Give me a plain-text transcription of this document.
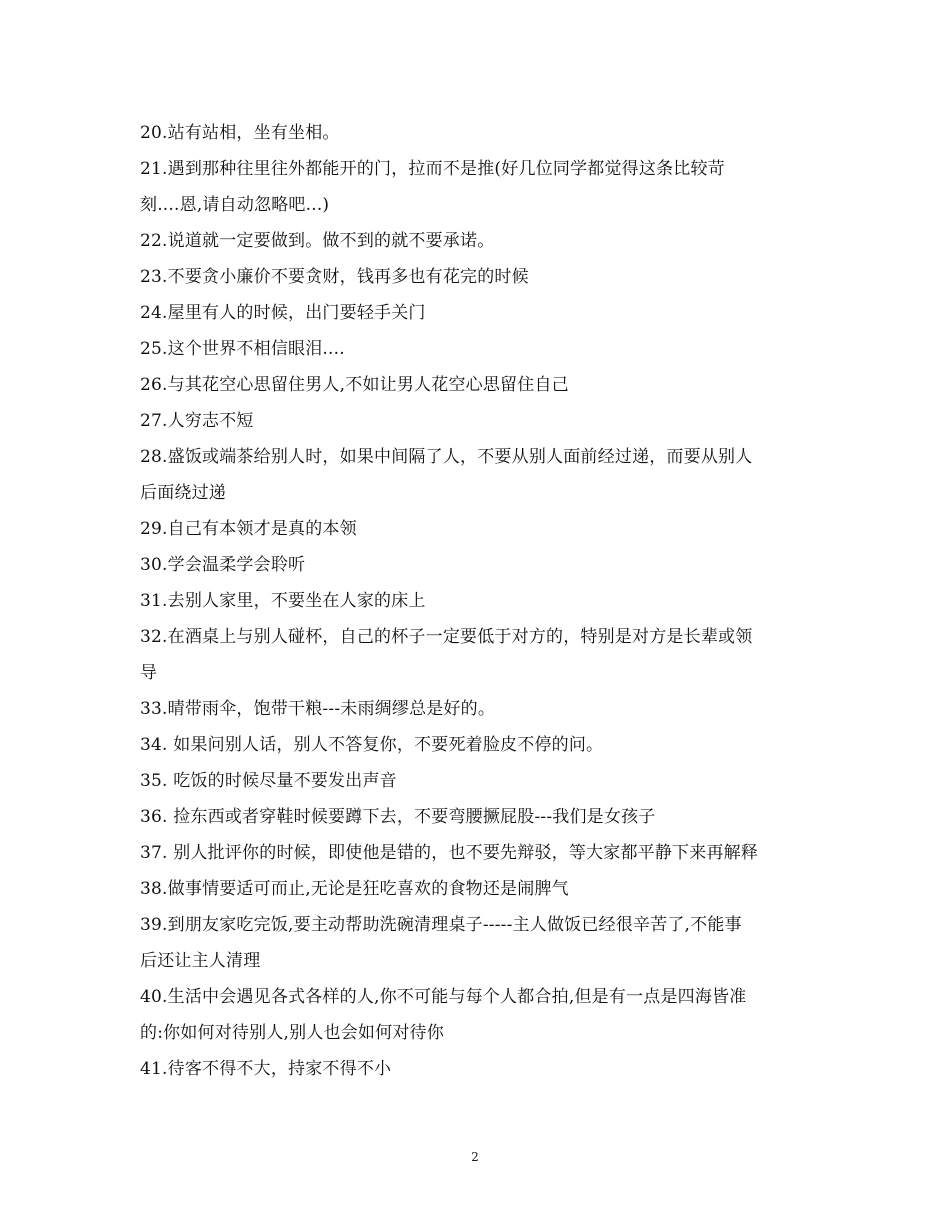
20.站有站相，坐有坐相。
21.遇到那种往里往外都能开的门，拉而不是推(好几位同学都觉得这条比较苛
刻....恩,请自动忽略吧...)
22.说道就一定要做到。做不到的就不要承诺。
23.不要贪小廉价不要贪财，钱再多也有花完的时候
24.屋里有人的时候，出门要轻手关门
25.这个世界不相信眼泪....
26.与其花空心思留住男人,不如让男人花空心思留住自己
27.人穷志不短
28.盛饭或端茶给别人时，如果中间隔了人，不要从别人面前经过递，而要从别人
后面绕过递
29.自己有本领才是真的本领
30.学会温柔学会聆听
31.去别人家里，不要坐在人家的床上
32.在酒桌上与别人碰杯，自己的杯子一定要低于对方的，特别是对方是长辈或领
导
33.晴带雨伞，饱带干粮---未雨绸缪总是好的。
34. 如果问别人话，别人不答复你，不要死着脸皮不停的问。
35. 吃饭的时候尽量不要发出声音
36. 捡东西或者穿鞋时候要蹲下去，不要弯腰撅屁股---我们是女孩子
37. 别人批评你的时候，即使他是错的，也不要先辩驳，等大家都平静下来再解释
38.做事情要适可而止,无论是狂吃喜欢的食物还是闹脾气
39.到朋友家吃完饭,要主动帮助洗碗清理桌子-----主人做饭已经很辛苦了,不能事
后还让主人清理
40.生活中会遇见各式各样的人,你不可能与每个人都合拍,但是有一点是四海皆准
的:你如何对待别人,别人也会如何对待你
41.待客不得不大，持家不得不小
2
